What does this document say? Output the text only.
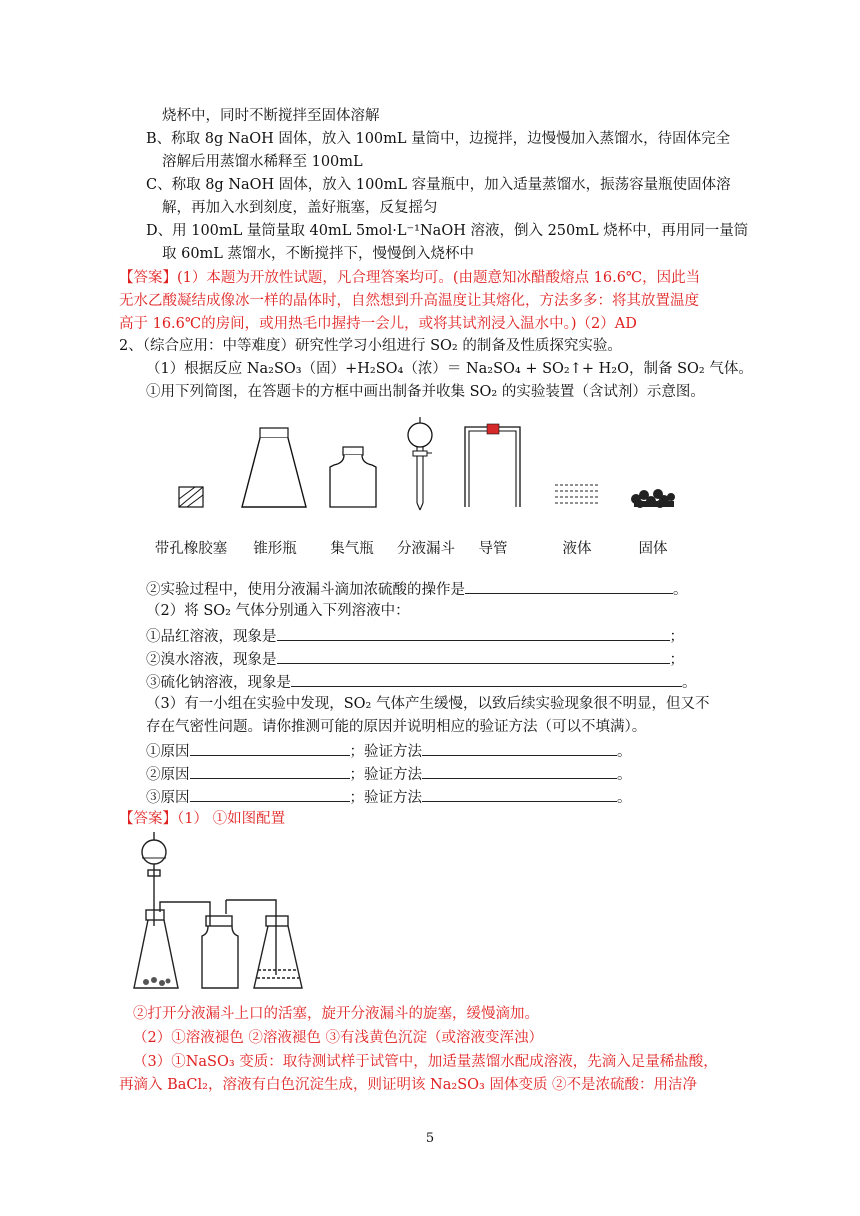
烧杯中，同时不断搅拌至固体溶解
B、称取 8g NaOH 固体，放入 100mL 量筒中，边搅拌，边慢慢加入蒸馏水，待固体完全
溶解后用蒸馏水稀释至 100mL
C、称取 8g NaOH 固体，放入 100mL 容量瓶中，加入适量蒸馏水，振荡容量瓶使固体溶
解，再加入水到刻度，盖好瓶塞，反复摇匀
D、用 100mL 量筒量取 40mL 5mol·L⁻¹NaOH 溶液，倒入 250mL 烧杯中，再用同一量筒
取 60mL 蒸馏水，不断搅拌下，慢慢倒入烧杯中
【答案】(1）本题为开放性试题，凡合理答案均可。(由题意知冰醋酸熔点 16.6℃，因此当
无水乙酸凝结成像冰一样的晶体时，自然想到升高温度让其熔化，方法多多：将其放置温度
高于 16.6℃的房间，或用热毛巾握持一会儿，或将其试剂浸入温水中。)（2）AD
2、（综合应用：中等难度）研究性学习小组进行 SO₂ 的制备及性质探究实验。
（1）根据反应 Na₂SO₃（固）+H₂SO₄（浓）＝ Na₂SO₄ + SO₂↑+ H₂O，制备 SO₂ 气体。
①用下列简图，在答题卡的方框中画出制备并收集 SO₂ 的实验装置（含试剂）示意图。
带孔橡胶塞	锥形瓶	集气瓶	分液漏斗	导管	液体	固体
②实验过程中，使用分液漏斗滴加浓硫酸的操作是	。
（2）将 SO₂ 气体分别通入下列溶液中：
①品红溶液，现象是	；
②溴水溶液，现象是	；
③硫化钠溶液，现象是	。
（3）有一小组在实验中发现，SO₂ 气体产生缓慢，以致后续实验现象很不明显，但又不
存在气密性问题。请你推测可能的原因并说明相应的验证方法（可以不填满）。
①原因	；验证方法	。
②原因	；验证方法	。
③原因	；验证方法	。
【答案】（1） ①如图配置
②打开分液漏斗上口的活塞，旋开分液漏斗的旋塞，缓慢滴加。
（2）①溶液褪色 ②溶液褪色 ③有浅黄色沉淀（或溶液变浑浊）
（3）①NaSO₃ 变质：取待测试样于试管中，加适量蒸馏水配成溶液，先滴入足量稀盐酸，
再滴入 BaCl₂，溶液有白色沉淀生成，则证明该 Na₂SO₃ 固体变质 ②不是浓硫酸：用洁净
5
